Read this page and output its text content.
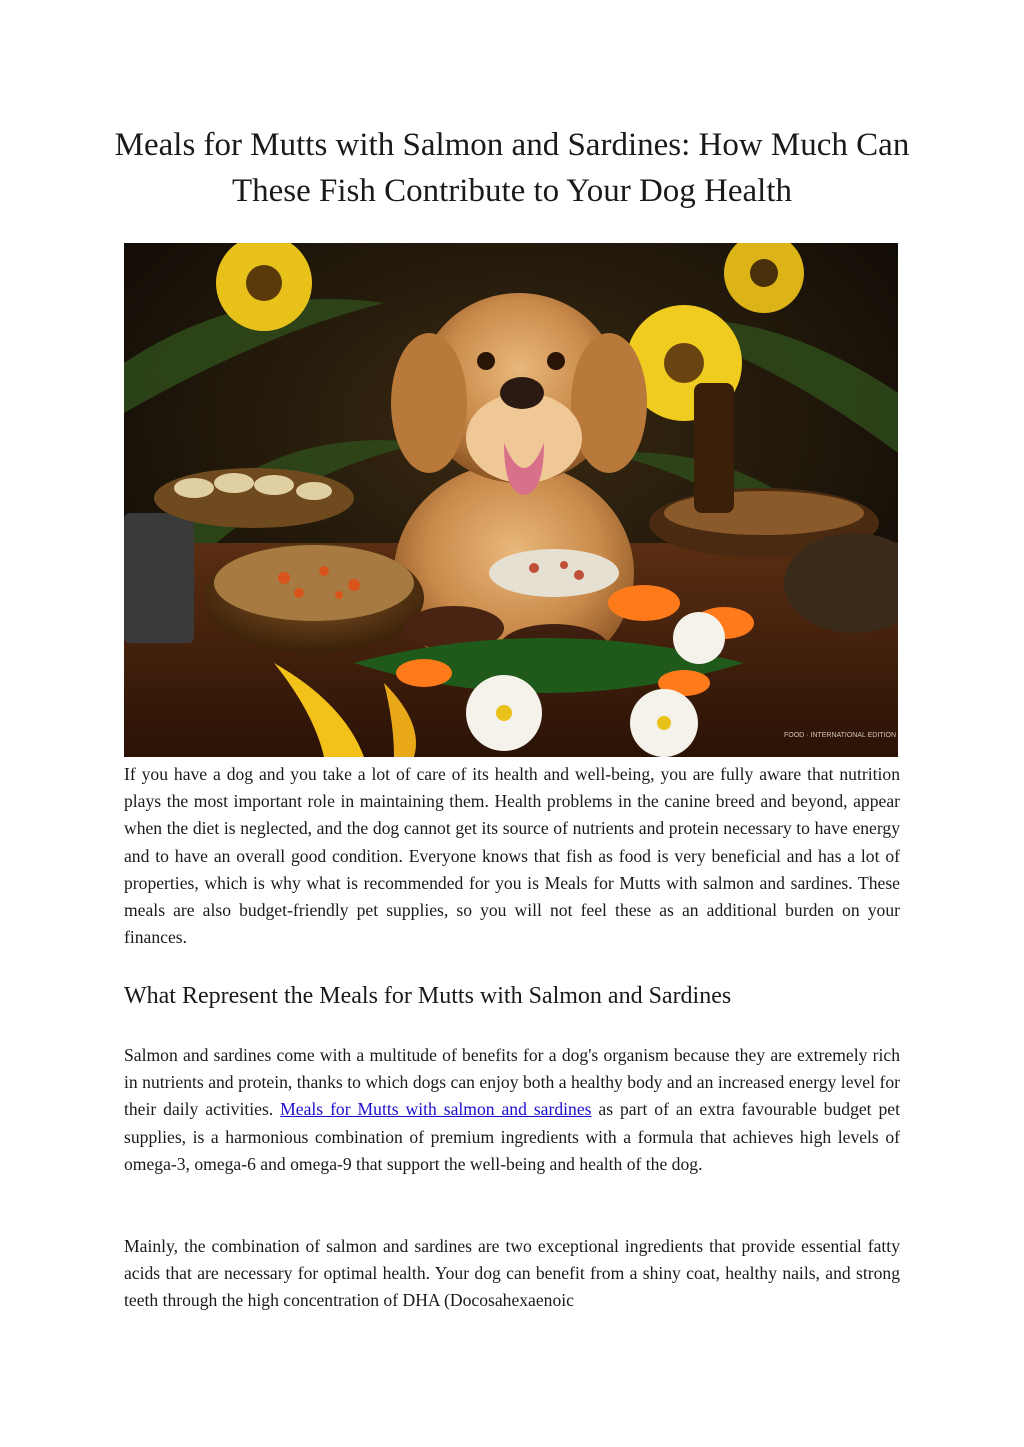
Meals for Mutts with Salmon and Sardines: How Much Can These Fish Contribute to Your Dog Health
FOOD · INTERNATIONAL EDITION

If you have a dog and you take a lot of care of its health and well-being, you are fully aware that nutrition plays the most important role in maintaining them. Health problems in the canine breed and beyond, appear when the diet is neglected, and the dog cannot get its source of nutrients and protein necessary to have energy and to have an overall good condition. Everyone knows that fish as food is very beneficial and has a lot of properties, which is why what is recommended for you is Meals for Mutts with salmon and sardines. These meals are also budget-friendly pet supplies, so you will not feel these as an additional burden on your finances.

What Represent the Meals for Mutts with Salmon and Sardines

Salmon and sardines come with a multitude of benefits for a dog's organism because they are extremely rich in nutrients and protein, thanks to which dogs can enjoy both a healthy body and an increased energy level for their daily activities. Meals for Mutts with salmon and sardines as part of an extra favourable budget pet supplies, is a harmonious combination of premium ingredients with a formula that achieves high levels of omega-3, omega-6 and omega-9 that support the well-being and health of the dog.

Mainly, the combination of salmon and sardines are two exceptional ingredients that provide essential fatty acids that are necessary for optimal health. Your dog can benefit from a shiny coat, healthy nails, and strong teeth through the high concentration of DHA (Docosahexaenoic
